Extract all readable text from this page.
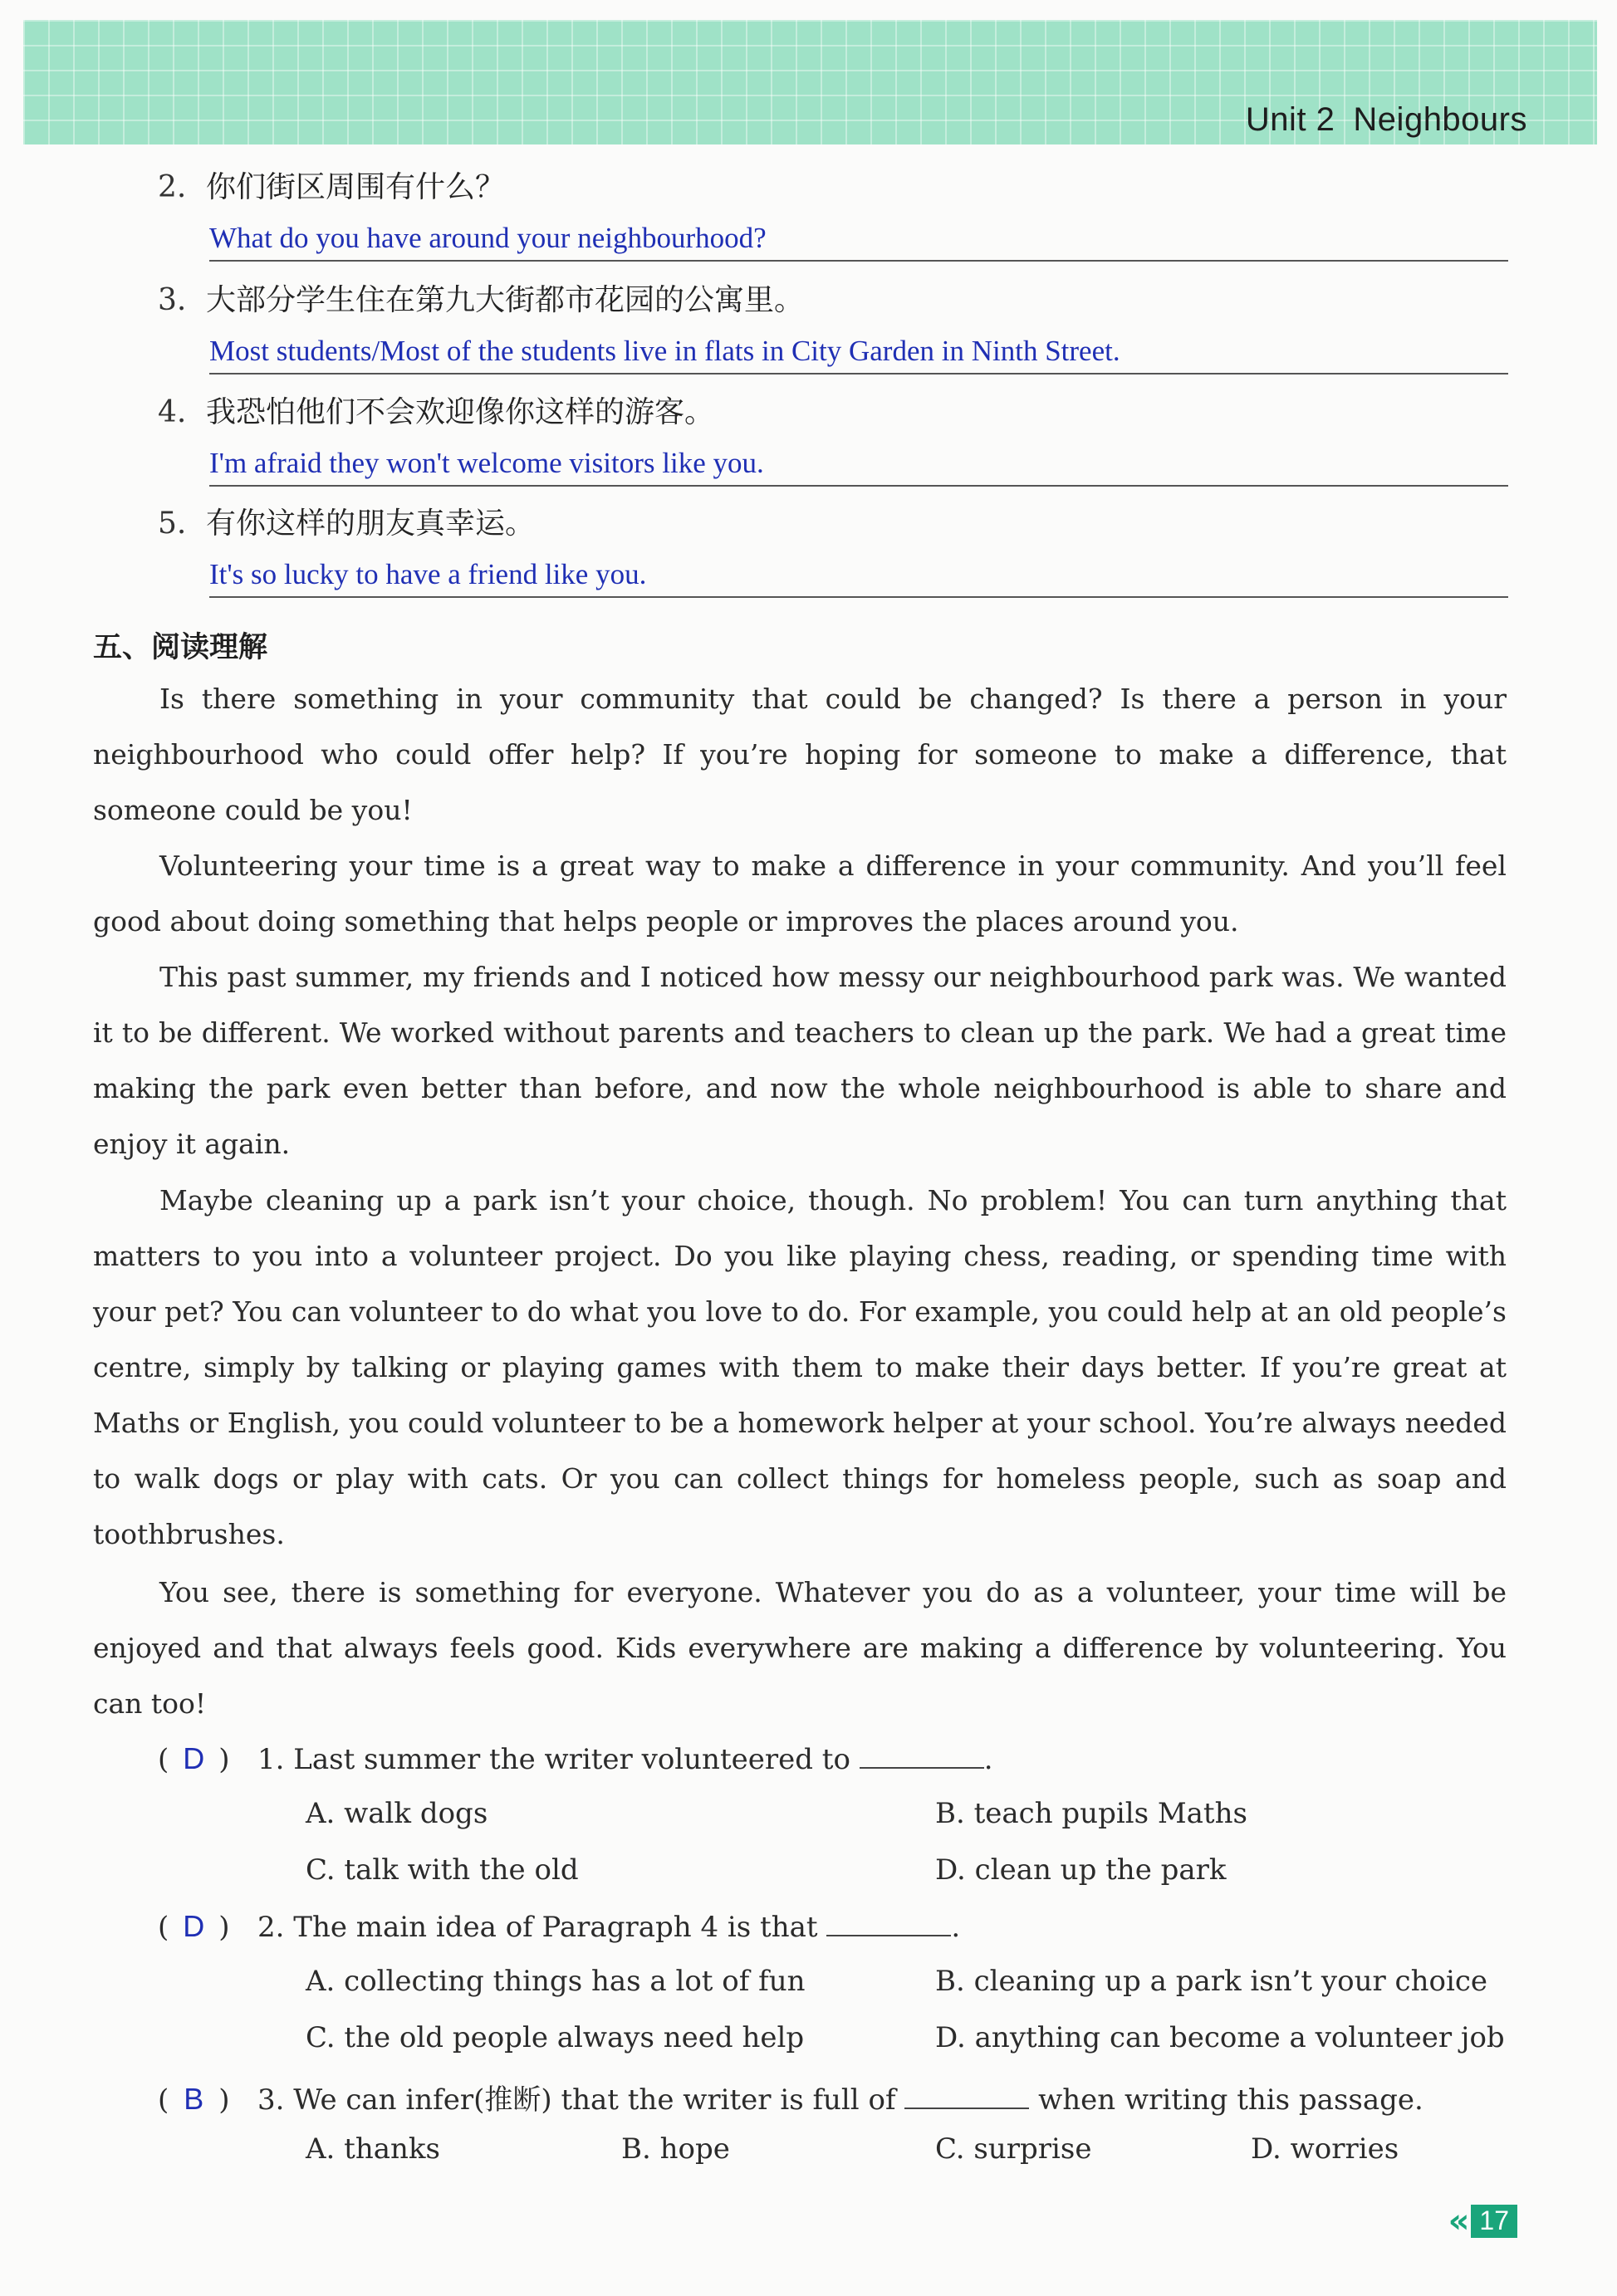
Unit 2 Neighbours
2. 你们街区周围有什么？
What do you have around your neighbourhood?
3. 大部分学生住在第九大街都市花园的公寓里。
Most students/Most of the students live in flats in City Garden in Ninth Street.
4. 我恐怕他们不会欢迎像你这样的游客。
I'm afraid they won't welcome visitors like you.
5. 有你这样的朋友真幸运。
It's so lucky to have a friend like you.
五、阅读理解
Is there something in your community that could be changed? Is there a person in your neighbourhood who could offer help? If you’re hoping for someone to make a difference, that someone could be you!
Volunteering your time is a great way to make a difference in your community. And you’ll feel good about doing something that helps people or improves the places around you.
This past summer, my friends and I noticed how messy our neighbourhood park was. We wanted it to be different. We worked without parents and teachers to clean up the park. We had a great time making the park even better than before, and now the whole neighbourhood is able to share and enjoy it again.
Maybe cleaning up a park isn’t your choice, though. No problem! You can turn anything that matters to you into a volunteer project. Do you like playing chess, reading, or spending time with your pet? You can volunteer to do what you love to do. For example, you could help at an old people’s centre, simply by talking or playing games with them to make their days better. If you’re great at Maths or English, you could volunteer to be a homework helper at your school. You’re always needed to walk dogs or play with cats. Or you can collect things for homeless people, such as soap and toothbrushes.
You see, there is something for everyone. Whatever you do as a volunteer, your time will be enjoyed and that always feels good. Kids everywhere are making a difference by volunteering. You can too!
( D ) 1. Last summer the writer volunteered to	.
A. walk dogs	B. teach pupils Maths
C. talk with the old	D. clean up the park
( D ) 2. The main idea of Paragraph 4 is that	.
A. collecting things has a lot of fun	B. cleaning up a park isn’t your choice
C. the old people always need help	D. anything can become a volunteer job
( B ) 3. We can infer(推断) that the writer is full of	when writing this passage.
A. thanks	B. hope	C. surprise	D. worries
« 17
